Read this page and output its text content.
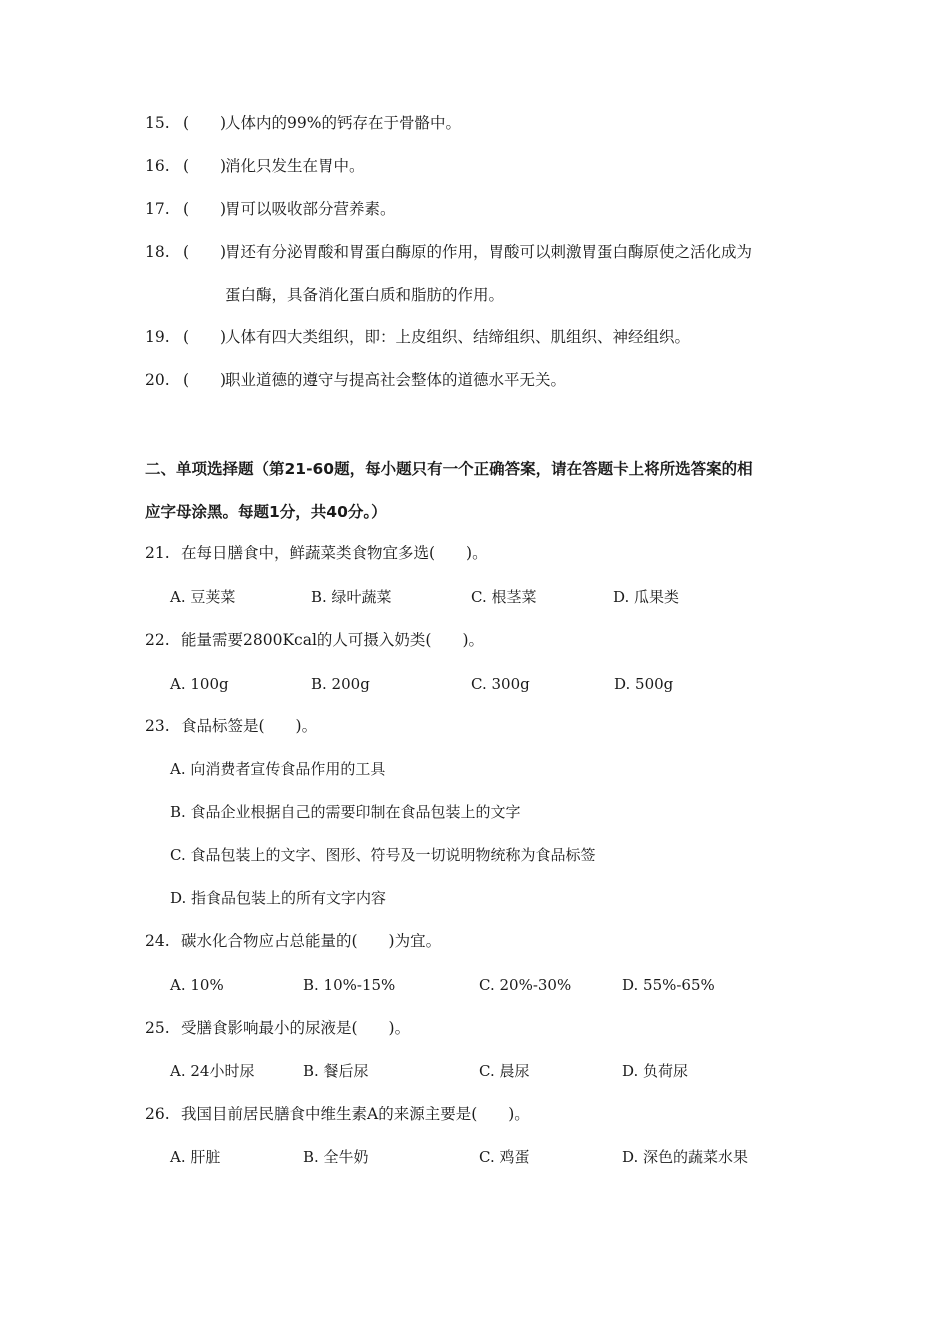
15. (　　)人体内的99%的钙存在于骨骼中。
16. (　　)消化只发生在胃中。
17. (　　)胃可以吸收部分营养素。
18. (　　)胃还有分泌胃酸和胃蛋白酶原的作用，胃酸可以刺激胃蛋白酶原使之活化成为
蛋白酶，具备消化蛋白质和脂肪的作用。
19. (　　)人体有四大类组织，即：上皮组织、结缔组织、肌组织、神经组织。
20. (　　)职业道德的遵守与提高社会整体的道德水平无关。
二、单项选择题（第21-60题，每小题只有一个正确答案，请在答题卡上将所选答案的相
应字母涂黑。每题1分，共40分。）
21. 在每日膳食中，鲜蔬菜类食物宜多选(　　)。
A. 豆荚菜	B. 绿叶蔬菜	C. 根茎菜	D. 瓜果类
22. 能量需要2800Kcal的人可摄入奶类(　　)。
A. 100g	B. 200g	C. 300g	D. 500g
23. 食品标签是(　　)。
A. 向消费者宣传食品作用的工具
B. 食品企业根据自己的需要印制在食品包装上的文字
C. 食品包装上的文字、图形、符号及一切说明物统称为食品标签
D. 指食品包装上的所有文字内容
24. 碳水化合物应占总能量的(　　)为宜。
A. 10%	B. 10%-15%	C. 20%-30%	D. 55%-65%
25. 受膳食影响最小的尿液是(　　)。
A. 24小时尿	B. 餐后尿	C. 晨尿	D. 负荷尿
26. 我国目前居民膳食中维生素A的来源主要是(　　)。
A. 肝脏	B. 全牛奶	C. 鸡蛋	D. 深色的蔬菜水果
